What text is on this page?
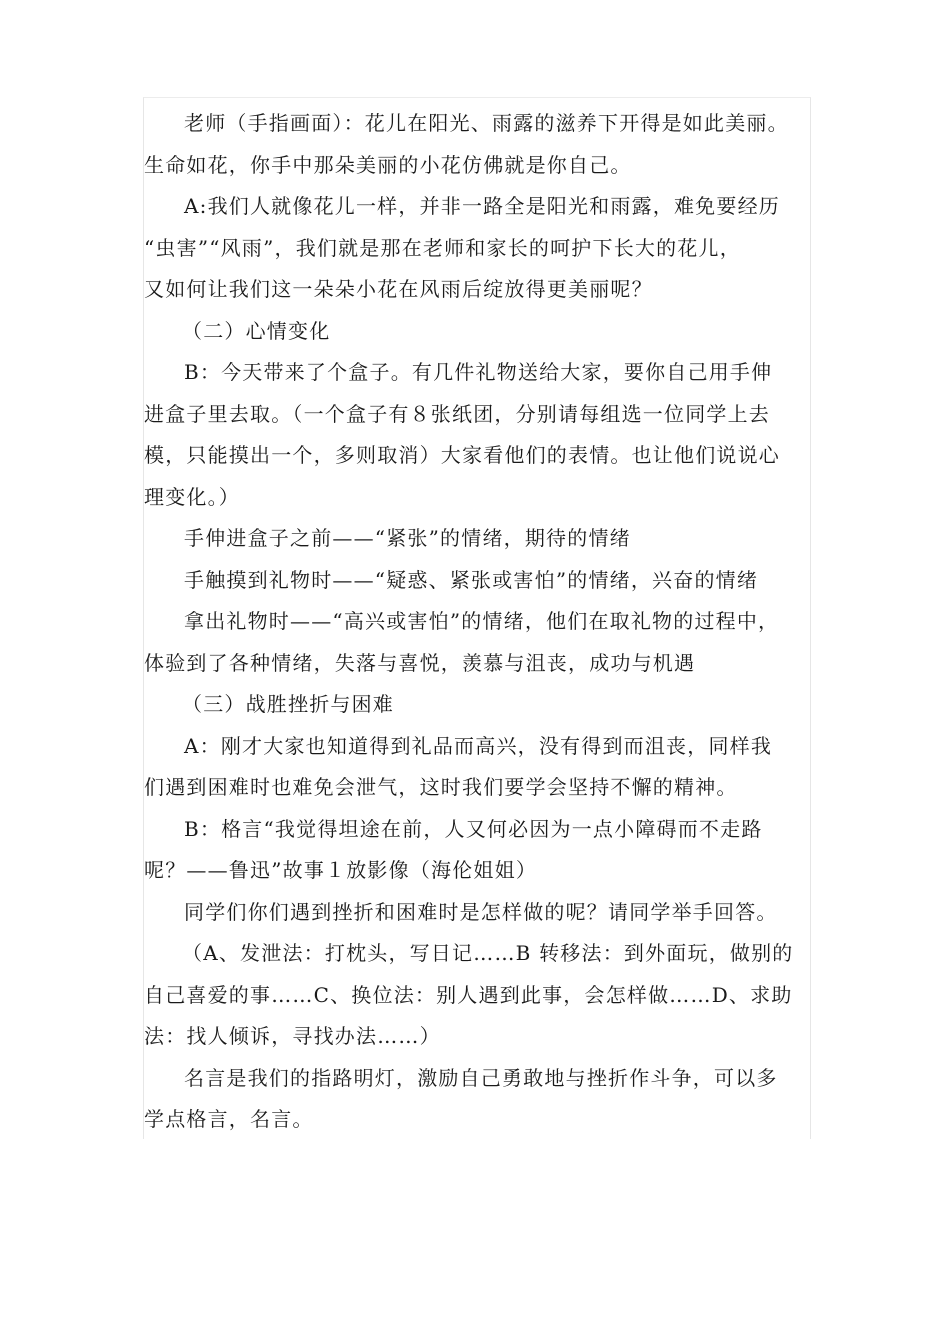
老师（手指画面）：花儿在阳光、雨露的滋养下开得是如此美丽。

生命如花，你手中那朵美丽的小花仿佛就是你自己。

A:我们人就像花儿一样，并非一路全是阳光和雨露，难免要经历

“虫害”“风雨”，我们就是那在老师和家长的呵护下长大的花儿，

又如何让我们这一朵朵小花在风雨后绽放得更美丽呢？

（二）心情变化

B：今天带来了个盒子。有几件礼物送给大家，要你自己用手伸

进盒子里去取。（一个盒子有８张纸团，分别请每组选一位同学上去

模，只能摸出一个，多则取消）大家看他们的表情。也让他们说说心

理变化。）

手伸进盒子之前——“紧张”的情绪，期待的情绪

手触摸到礼物时——“疑惑、紧张或害怕”的情绪，兴奋的情绪

拿出礼物时——“高兴或害怕”的情绪，他们在取礼物的过程中，

体验到了各种情绪，失落与喜悦，羡慕与沮丧，成功与机遇

（三）战胜挫折与困难

A：刚才大家也知道得到礼品而高兴，没有得到而沮丧，同样我

们遇到困难时也难免会泄气，这时我们要学会坚持不懈的精神。

B：格言“我觉得坦途在前，人又何必因为一点小障碍而不走路

呢？——鲁迅”故事１放影像（海伦姐姐）

同学们你们遇到挫折和困难时是怎样做的呢？请同学举手回答。

（A、发泄法：打枕头，写日记……B 转移法：到外面玩，做别的

自己喜爱的事……C、换位法：别人遇到此事，会怎样做……D、求助

法：找人倾诉，寻找办法……）

名言是我们的指路明灯，激励自己勇敢地与挫折作斗争，可以多

学点格言，名言。
